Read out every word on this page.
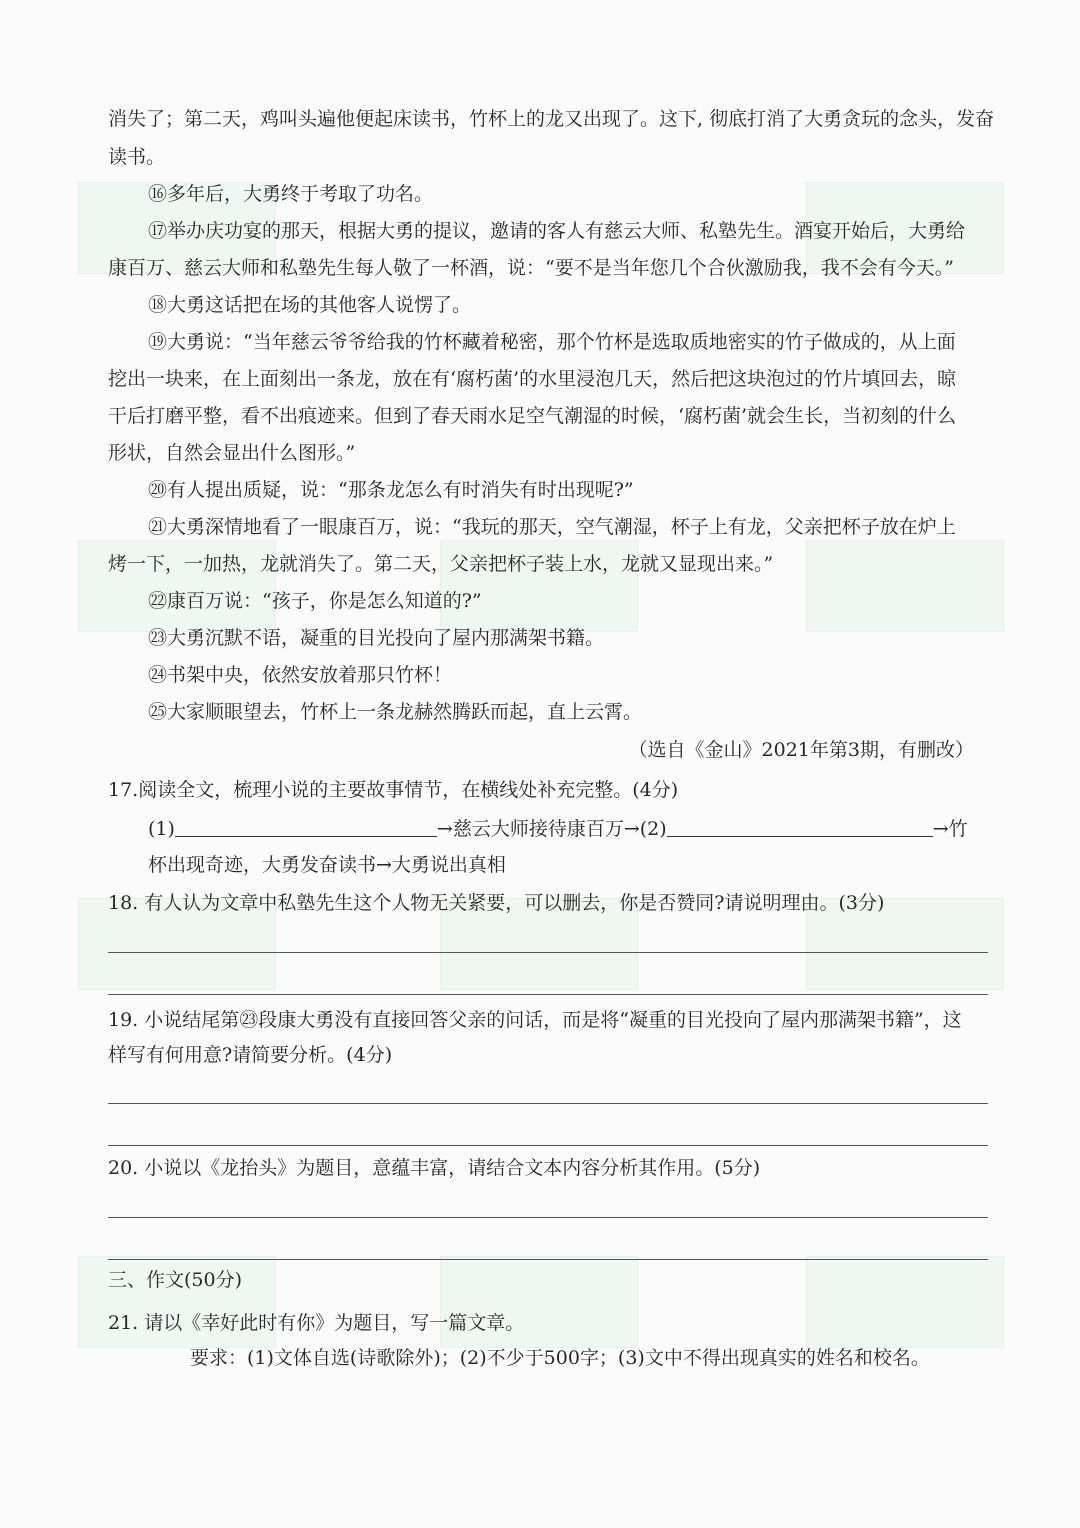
消失了；第二天，鸡叫头遍他便起床读书，竹杯上的龙又出现了。这下, 彻底打消了大勇贪玩的念头，发奋
读书。
⑯多年后，大勇终于考取了功名。
⑰举办庆功宴的那天，根据大勇的提议，邀请的客人有慈云大师、私塾先生。酒宴开始后，大勇给
康百万、慈云大师和私塾先生每人敬了一杯酒，说：“要不是当年您几个合伙激励我，我不会有今天。”
⑱大勇这话把在场的其他客人说愣了。
⑲大勇说：“当年慈云爷爷给我的竹杯藏着秘密，那个竹杯是选取质地密实的竹子做成的，从上面
挖出一块来，在上面刻出一条龙，放在有‘腐朽菌’的水里浸泡几天，然后把这块泡过的竹片填回去，晾
干后打磨平整，看不出痕迹来。但到了春天雨水足空气潮湿的时候，‘腐朽菌’就会生长，当初刻的什么
形状，自然会显出什么图形。”
⑳有人提出质疑，说：“那条龙怎么有时消失有时出现呢?”
㉑大勇深情地看了一眼康百万，说：“我玩的那天，空气潮湿，杯子上有龙，父亲把杯子放在炉上
烤一下，一加热，龙就消失了。第二天，父亲把杯子装上水，龙就又显现出来。”
㉒康百万说：“孩子，你是怎么知道的?”
㉓大勇沉默不语，凝重的目光投向了屋内那满架书籍。
㉔书架中央，依然安放着那只竹杯！
㉕大家顺眼望去，竹杯上一条龙赫然腾跃而起，直上云霄。
（选自《金山》2021年第3期，有删改）
17.阅读全文，梳理小说的主要故事情节，在横线处补充完整。(4分)
(1)	→慈云大师接待康百万→(2)	→竹
杯出现奇迹，大勇发奋读书→大勇说出真相
18. 有人认为文章中私塾先生这个人物无关紧要，可以删去，你是否赞同?请说明理由。(3分)
19. 小说结尾第㉓段康大勇没有直接回答父亲的问话，而是将“凝重的目光投向了屋内那满架书籍”，这
样写有何用意?请简要分析。(4分)
20. 小说以《龙抬头》为题目，意蕴丰富，请结合文本内容分析其作用。(5分)
三、作文(50分)
21. 请以《幸好此时有你》为题目，写一篇文章。
要求：(1)文体自选(诗歌除外)；(2)不少于500字；(3)文中不得出现真实的姓名和校名。
